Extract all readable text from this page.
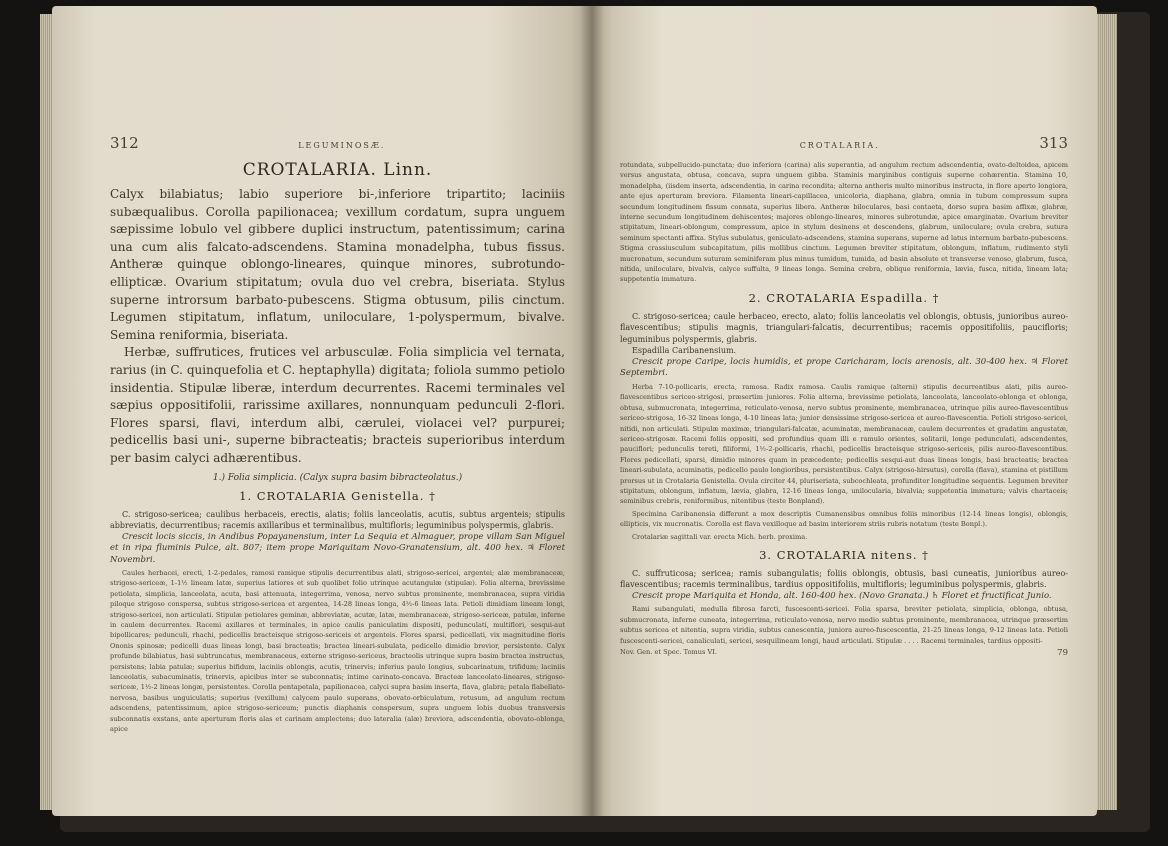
312	LEGUMINOSÆ.
CROTALARIA. Linn.

Calyx bilabiatus; labio superiore bi-,inferiore tripartito; laciniis subæqualibus. Corolla papilionacea; vexillum cordatum, supra unguem sæpissime lobulo vel gibbere duplici instructum, patentissimum; carina una cum alis falcato-adscendens. Stamina monadelpha, tubus fissus. Antheræ quinque oblongo-lineares, quinque minores, subrotundo-ellipticæ. Ovarium stipitatum; ovula duo vel crebra, biseriata. Stylus superne introrsum barbato-pubescens. Stigma obtusum, pilis cinctum. Legumen stipitatum, inflatum, uniloculare, 1-polyspermum, bivalve. Semina reniformia, biseriata.

Herbæ, suffrutices, frutices vel arbusculæ. Folia simplicia vel ternata, rarius (in C. quinquefolia et C. heptaphylla) digitata; foliola summo petiolo insidentia. Stipulæ liberæ, interdum decurrentes. Racemi terminales vel sæpius oppositifolii, rarissime axillares, nonnunquam pedunculi 2-flori. Flores sparsi, flavi, interdum albi, cærulei, violacei vel? purpurei; pedicellis basi uni-, superne bibracteatis; bracteis superioribus interdum per basim calyci adhærentibus.

1.) Folia simplicia. (Calyx supra basim bibracteolatus.)
1. CROTALARIA Genistella. †

C. strigoso-sericea; caulibus herbaceis, erectis, alatis; foliis lanceolatis, acutis, subtus argenteis; stipulis abbreviatis, decurrentibus; racemis axillaribus et terminalibus, multifloris; leguminibus polyspermis, glabris.

Crescit locis siccis, in Andibus Popayanensium, inter La Sequia et Almaguer, prope villam San Miguel et in ripa fluminis Pulce, alt. 807; item prope Mariquitam Novo-Granatensium, alt. 400 hex. ♃ Floret Novembri.

Caules herbacei, erecti, 1-2-pedales, ramosi ramique stipulis decurrentibus alati, strigoso-sericei, argentei; alæ membranaceæ, strigoso-sericeæ, 1-1½ lineam latæ, superius latiores et sub quolibet folio utrinque acutangulæ (stipulæ). Folia alterna, brevissime petiolata, simplicia, lanceolata, acuta, basi attenuata, integerrima, venosa, nervo subtus prominente, membranacea, supra viridia piloque strigoso conspersa, subtus strigoso-sericea et argentea, 14-28 lineas longa, 4½-6 lineas lata. Petioli dimidiam lineam longi, strigoso-sericei, non articulati. Stipulæ petiolares geminæ, abbreviatæ, acutæ, latæ, membranaceæ, strigoso-sericeæ, patulæ, inferne in caulem decurrentes. Racemi axillares et terminales, in apice caulis paniculatim dispositi, pedunculati, multiflori, sesqui-aut bipollicares; pedunculi, rhachi, pedicellis bracteisque strigoso-sericeis et argenteis. Flores sparsi, pedicellati, vix magnitudine floris Ononis spinosæ; pedicelli duas lineas longi, basi bracteatis; bractea lineari-subulata, pedicello dimidio brevior, persistente. Calyx profunde bilabiatus, basi subtruncatus, membranaceus, externe strigoso-sericeus, bracteolis utrinque supra basim bractea instructus, persistens; labia patulæ; superius bifidum, laciniis oblongis, acutis, trinervis; inferius paulo longius, subcarinatum, trifidum; laciniis lanceolatis, subacuminatis, trinervis, apicibus inter se subconnatis; intime carinato-concava. Bracteæ lanceolato-lineares, strigoso-sericeæ, 1½-2 lineas longæ, persistentes. Corolla pentapetala, papilionacea, calyci supra basim inserta, flava, glabra; petala flabellato-nervosa, basibus unguiculatis; superius (vexillum) calycem paulo superans, obovato-orbiculatum, retusum, ad angulum rectum adscendens, patentissimum, apice strigoso-sericeum; punctis diaphanis conspersum, supra unguem lobis duobus transversis subconnatis exstans, ante aperturam floris alas et carinam amplectens; duo lateralia (alæ) breviora, adscendentia, obovato-oblonga, apice

CROTALARIA.	313

rotundata, subpellucido-punctata; duo inferiora (carina) alis superantia, ad angulum rectum adscendentia, ovato-deltoidea, apicem versus angustata, obtusa, concava, supra unguem gibba. Staminis marginibus contiguis superne cohærentia. Stamina 10, monadelpha, (iisdem inserta, adscendentia, in carina recondita; alterna antheris multo minoribus instructa, in flore aperto longiora, ante ejus aperturam breviora. Filamenta lineari-capillacea, unicoloria, diaphana, glabra, omnia in tubum compressum supra secundum longitudinem fissum connata, superius libera. Antheræ biloculares, basi contaeta, dorso supra basim affixæ, glabræ, interne secundum longitudinem dehiscentes; majores oblongo-lineares, minores subrotundæ, apice emarginatæ. Ovarium breviter stipitatum, lineari-oblongum, compressum, apice in stylum desinens et descendens, glabrum, uniloculare; ovula crebra, sutura seminum spectanti affixa. Stylus subulatus, geniculato-adscendens, stamina superans, superne ad latus internum barbato-pubescens. Stigma crassiusculum subcapitatum, pilis mollibus cinctum. Legumen breviter stipitatum, oblongum, inflatum, rudimento styli mucronatum, secundum suturam seminiferam plus minus tumidum, tumida, ad basin absolute et transverse venoso, glabrum, fusca, nitida, uniloculare, bivalvis, calyce suffulta, 9 lineas longa. Semina crebra, oblique reniformia, lævia, fusca, nitida, lineam lata; suppetentia immatura.

2. CROTALARIA Espadilla. †

C. strigoso-sericea; caule herbaceo, erecto, alato; foliis lanceolatis vel oblongis, obtusis, junioribus aureo-flavescentibus; stipulis magnis, triangulari-falcatis, decurrentibus; racemis oppositifoliis, paucifloris; leguminibus polyspermis, glabris.

Espadilla Caribanensium.

Crescit prope Caripe, locis humidis, et prope Caricharam, locis arenosis, alt. 30-400 hex. ♃ Floret Septembri.

Herba 7-10-pollicaris, erecta, ramosa. Radix ramosa. Caulis ramique (alterni) stipulis decurrentibus alati, pilis aureo-flavescentibus sericeo-strigosi, præsertim juniores. Folia alterna, brevissime petiolata, lanceolata, lanceolato-oblonga et oblonga, obtusa, submucronata, integerrima, reticulato-venosa, nervo subtus prominente, membranacea, utrinque pilis aureo-flavescentibus sericeo-strigosa, 16-32 lineas longa, 4-10 lineas lata; junior densissime strigoso-sericea et aureo-flavescentia. Petioli strigoso-sericei, nitidi, non articulati. Stipulæ maximæ, triangulari-falcatæ, acuminatæ, membranaceæ, caulem decurrentes et gradatim angustatæ, sericeo-strigosæ. Racemi foliis oppositi, sed profundius quam illi e ramulo orientes, solitarii, longe pedunculati, adscendentes, pauciflori; pedunculis tereti, filiformi, 1½-2-pollicaris, rhachi, pedicellis bracteisque strigoso-sericeis, pilis aureo-flavescentibus. Flores pedicellati, sparsi, dimidio minores quam in præcedente; pedicellis sesqui-aut duas lineas longis, basi bracteatis; bractea lineari-subulata, acuminatis, pedicello paulo longioribus, persistentibus. Calyx (strigoso-hirsutus), corolla (flava), stamina et pistillum prorsus ut in Crotalaria Genistella. Ovula circiter 44, pluriseriata, subcochleata, profunditer longitudine sequentis. Legumen breviter stipitatum, oblongum, inflatum, lævia, glabra, 12-16 lineas longa, unilocularia, bivalvia; suppetentia immatura; valvis chartaceis; seminibus crebris, reniformibus, nitentibus (teste Bonpland).

Specimina Caribanensia differunt a mox descriptis Cumanensibus omnibus foliis minoribus (12-14 lineas longis), oblongis, ellipticis, vix mucronatis. Corolla est flava vexilloque ad basim interiorem striis rubris notatum (teste Bonpl.).

Crotalariæ sagittali var. erecta Mich. herb. proxima.

3. CROTALARIA nitens. †

C. suffruticosa; sericea; ramis subangulatis; foliis oblongis, obtusis, basi cuneatis, junioribus aureo-flavescentibus; racemis terminalibus, tardius oppositifoliis, multifloris; leguminibus polyspermis, glabris.

Crescit prope Mariquita et Honda, alt. 160-400 hex. (Novo Granata.) ♄ Floret et fructificat Junio.

Rami subangulati, medulla fibrosa farcti, fuscescenti-sericei. Folia sparsa, breviter petiolata, simplicia, oblonga, obtusa, submucronata, inferne cuneata, integerrima, reticulato-venosa, nervo medio subtus prominente, membranacea, utrinque præsertim subtus sericea et nitentia, supra viridia, subtus canescentia, juniora aureo-fuscescentia, 21-25 lineas longa, 9-12 lineas lata. Petioli fuscescenti-sericei, canaliculati, sericei, sesquilineam longi, haud articulati. Stipulæ . . . . Racemi terminales, tardius oppositi-

Nov. Gen. et Spec. Tomus VI.	79
